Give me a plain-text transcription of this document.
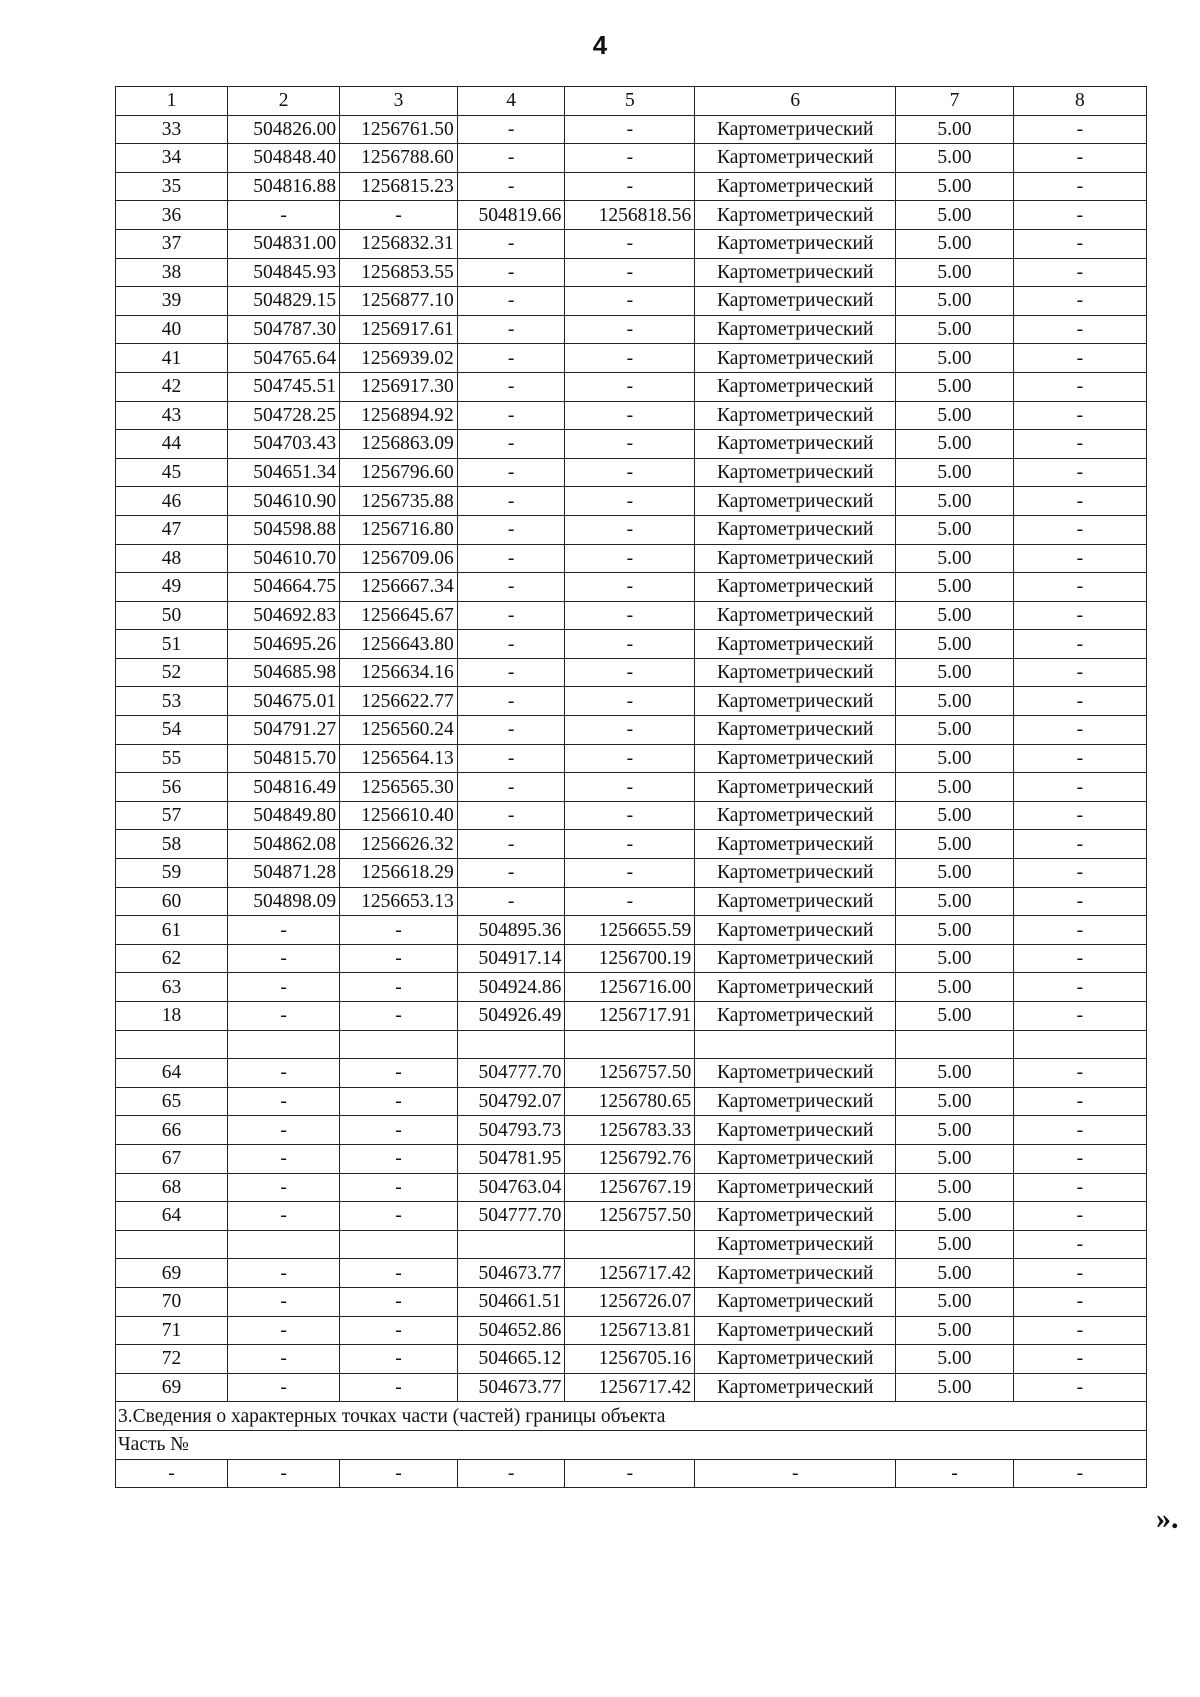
4
1	2	3	4	5	6	7	8
33	504826.00	1256761.50	-	-	Картометрический	5.00	-
34	504848.40	1256788.60	-	-	Картометрический	5.00	-
35	504816.88	1256815.23	-	-	Картометрический	5.00	-
36	-	-	504819.66	1256818.56	Картометрический	5.00	-
37	504831.00	1256832.31	-	-	Картометрический	5.00	-
38	504845.93	1256853.55	-	-	Картометрический	5.00	-
39	504829.15	1256877.10	-	-	Картометрический	5.00	-
40	504787.30	1256917.61	-	-	Картометрический	5.00	-
41	504765.64	1256939.02	-	-	Картометрический	5.00	-
42	504745.51	1256917.30	-	-	Картометрический	5.00	-
43	504728.25	1256894.92	-	-	Картометрический	5.00	-
44	504703.43	1256863.09	-	-	Картометрический	5.00	-
45	504651.34	1256796.60	-	-	Картометрический	5.00	-
46	504610.90	1256735.88	-	-	Картометрический	5.00	-
47	504598.88	1256716.80	-	-	Картометрический	5.00	-
48	504610.70	1256709.06	-	-	Картометрический	5.00	-
49	504664.75	1256667.34	-	-	Картометрический	5.00	-
50	504692.83	1256645.67	-	-	Картометрический	5.00	-
51	504695.26	1256643.80	-	-	Картометрический	5.00	-
52	504685.98	1256634.16	-	-	Картометрический	5.00	-
53	504675.01	1256622.77	-	-	Картометрический	5.00	-
54	504791.27	1256560.24	-	-	Картометрический	5.00	-
55	504815.70	1256564.13	-	-	Картометрический	5.00	-
56	504816.49	1256565.30	-	-	Картометрический	5.00	-
57	504849.80	1256610.40	-	-	Картометрический	5.00	-
58	504862.08	1256626.32	-	-	Картометрический	5.00	-
59	504871.28	1256618.29	-	-	Картометрический	5.00	-
60	504898.09	1256653.13	-	-	Картометрический	5.00	-
61	-	-	504895.36	1256655.59	Картометрический	5.00	-
62	-	-	504917.14	1256700.19	Картометрический	5.00	-
63	-	-	504924.86	1256716.00	Картометрический	5.00	-
18	-	-	504926.49	1256717.91	Картометрический	5.00	-

64	-	-	504777.70	1256757.50	Картометрический	5.00	-
65	-	-	504792.07	1256780.65	Картометрический	5.00	-
66	-	-	504793.73	1256783.33	Картометрический	5.00	-
67	-	-	504781.95	1256792.76	Картометрический	5.00	-
68	-	-	504763.04	1256767.19	Картометрический	5.00	-
64	-	-	504777.70	1256757.50	Картометрический	5.00	-
					Картометрический	5.00	-
69	-	-	504673.77	1256717.42	Картометрический	5.00	-
70	-	-	504661.51	1256726.07	Картометрический	5.00	-
71	-	-	504652.86	1256713.81	Картометрический	5.00	-
72	-	-	504665.12	1256705.16	Картометрический	5.00	-
69	-	-	504673.77	1256717.42	Картометрический	5.00	-
3.Сведения о характерных точках части (частей) границы объекта							
Часть №							
-	-	-	-	-	-	-	-
».
